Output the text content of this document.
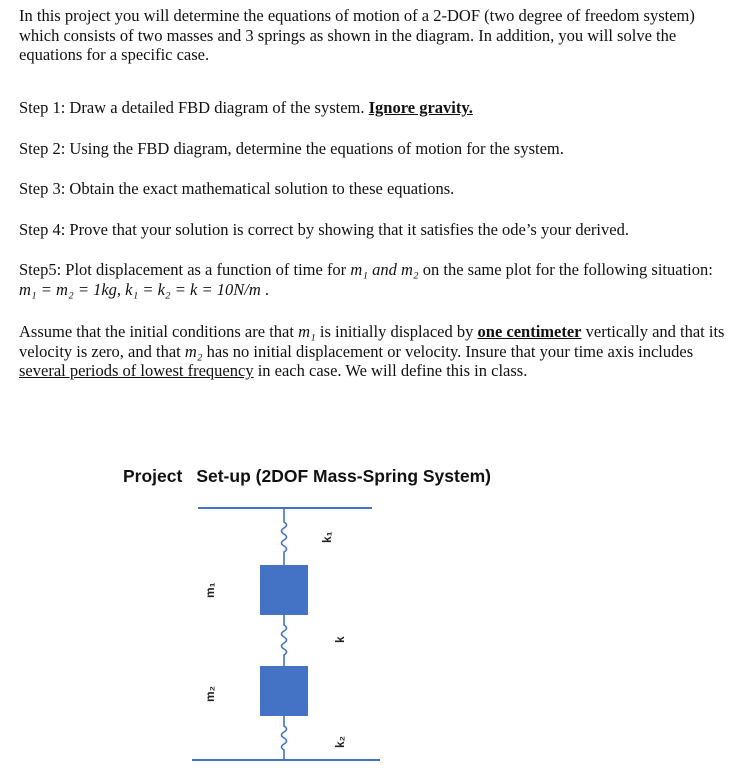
In this project you will determine the equations of motion of a 2-DOF (two degree of freedom system) which consists of two masses and 3 springs as shown in the diagram. In addition, you will solve the equations for a specific case.

Step 1: Draw a detailed FBD diagram of the system. Ignore gravity.

Step 2: Using the FBD diagram, determine the equations of motion for the system.

Step 3: Obtain the exact mathematical solution to these equations.

Step 4: Prove that your solution is correct by showing that it satisfies the ode’s your derived.

Step5: Plot displacement as a function of time for m₁ and m₂ on the same plot for the following situation: m₁ = m₂ = 1kg, k₁ = k₂ = k = 10N/m .

Assume that the initial conditions are that m₁ is initially displaced by one centimeter vertically and that its velocity is zero, and that m₂ has no initial displacement or velocity. Insure that your time axis includes several periods of lowest frequency in each case. We will define this in class.

Project Set-up (2DOF Mass-Spring System)
k₁
m₁
k
m₂
k₂
